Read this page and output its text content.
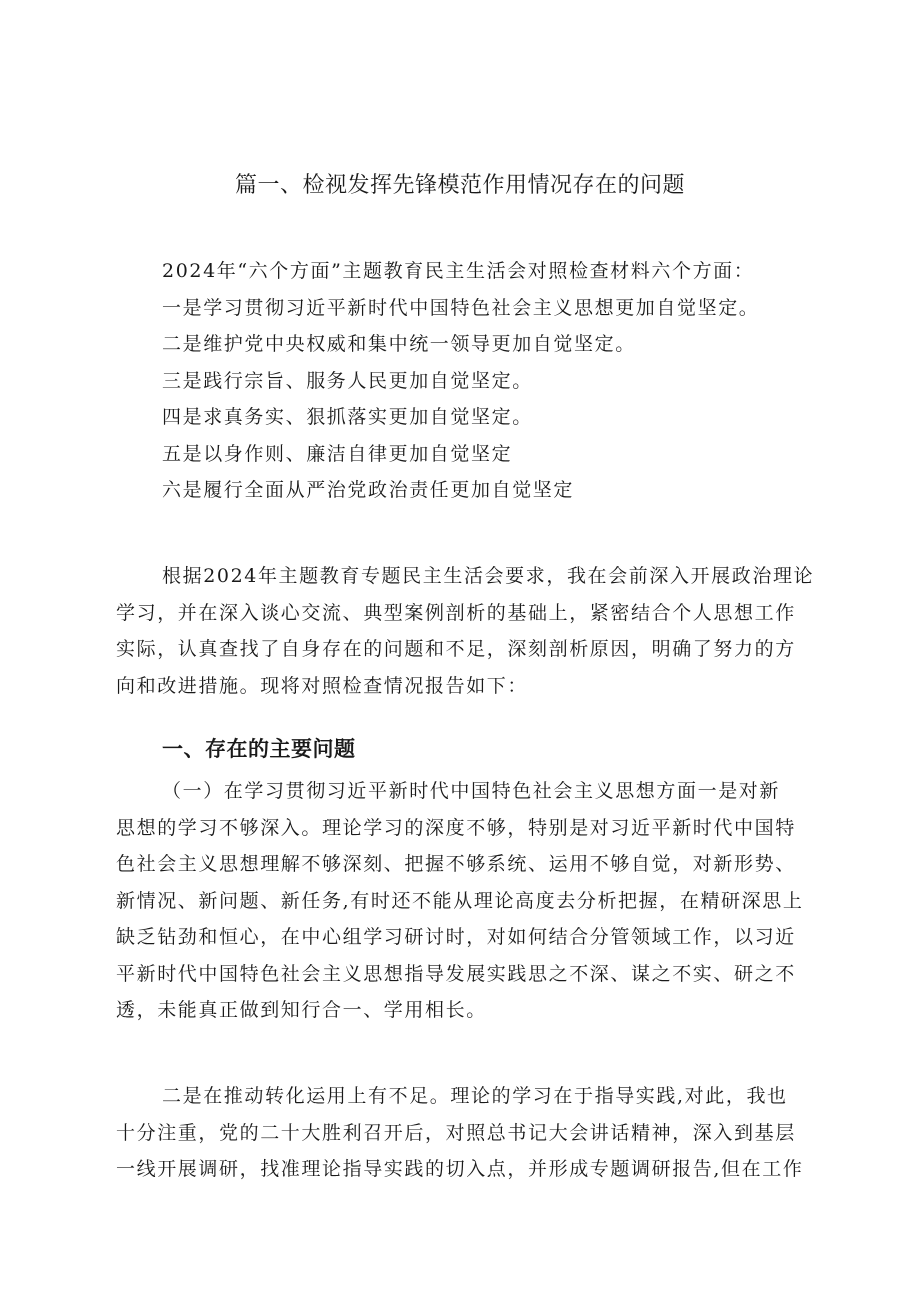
篇一、检视发挥先锋模范作用情况存在的问题
2024年“六个方面”主题教育民主生活会对照检查材料六个方面：
一是学习贯彻习近平新时代中国特色社会主义思想更加自觉坚定。
二是维护党中央权威和集中统一领导更加自觉坚定。
三是践行宗旨、服务人民更加自觉坚定。
四是求真务实、狠抓落实更加自觉坚定。
五是以身作则、廉洁自律更加自觉坚定
六是履行全面从严治党政治责任更加自觉坚定
根据2024年主题教育专题民主生活会要求，我在会前深入开展政治理论
学习，并在深入谈心交流、典型案例剖析的基础上，紧密结合个人思想工作
实际，认真查找了自身存在的问题和不足，深刻剖析原因，明确了努力的方
向和改进措施。现将对照检查情况报告如下：
一、存在的主要问题
（一）在学习贯彻习近平新时代中国特色社会主义思想方面一是对新
思想的学习不够深入。理论学习的深度不够，特别是对习近平新时代中国特
色社会主义思想理解不够深刻、把握不够系统、运用不够自觉，对新形势、
新情况、新问题、新任务,有时还不能从理论高度去分析把握，在精研深思上
缺乏钻劲和恒心，在中心组学习研讨时，对如何结合分管领域工作，以习近
平新时代中国特色社会主义思想指导发展实践思之不深、谋之不实、研之不
透，未能真正做到知行合一、学用相长。
二是在推动转化运用上有不足。理论的学习在于指导实践,对此，我也
十分注重，党的二十大胜利召开后，对照总书记大会讲话精神，深入到基层
一线开展调研，找准理论指导实践的切入点，并形成专题调研报告,但在工作
